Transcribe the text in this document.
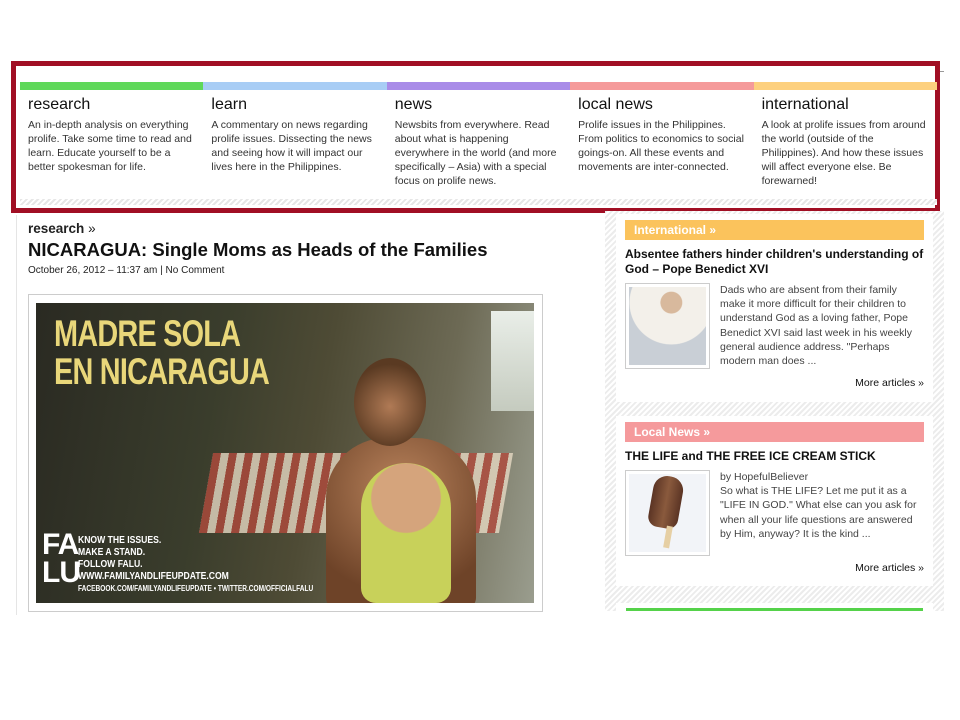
research

An in-depth analysis on everything prolife. Take some time to read and learn. Educate yourself to be a better spokesman for life.

learn

A commentary on news regarding prolife issues. Dissecting the news and seeing how it will impact our lives here in the Philippines.

news

Newsbits from everywhere. Read about what is happening everywhere in the world (and more specifically – Asia) with a special focus on prolife news.

local news

Prolife issues in the Philippines. From politics to economics to social goings-on. All these events and movements are inter-connected.

international

A look at prolife issues from around the world (outside of the Philippines). And how these issues will affect everyone else. Be forewarned!

research »
NICARAGUA: Single Moms as Heads of the Families
October 26, 2012 – 11:37 am | No Comment
MADRE SOLA
EN NICARAGUA
FA
LU
KNOW THE ISSUES.
MAKE A STAND.
FOLLOW FALU.
WWW.FAMILYANDLIFEUPDATE.COM
FACEBOOK.COM/FAMILYANDLIFEUPDATE • TWITTER.COM/OFFICIALFALU
International »
Absentee fathers hinder children's understanding of God – Pope Benedict XVI
Dads who are absent from their family make it more difficult for their children to understand God as a loving father, Pope Benedict XVI said last week in his weekly general audience address. "Perhaps modern man does ...
More articles »
Local News »
THE LIFE and THE FREE ICE CREAM STICK
by HopefulBeliever
So what is THE LIFE? Let me put it as a "LIFE IN GOD." What else can you ask for when all your life questions are answered by Him, anyway? It is the kind ...
More articles »
